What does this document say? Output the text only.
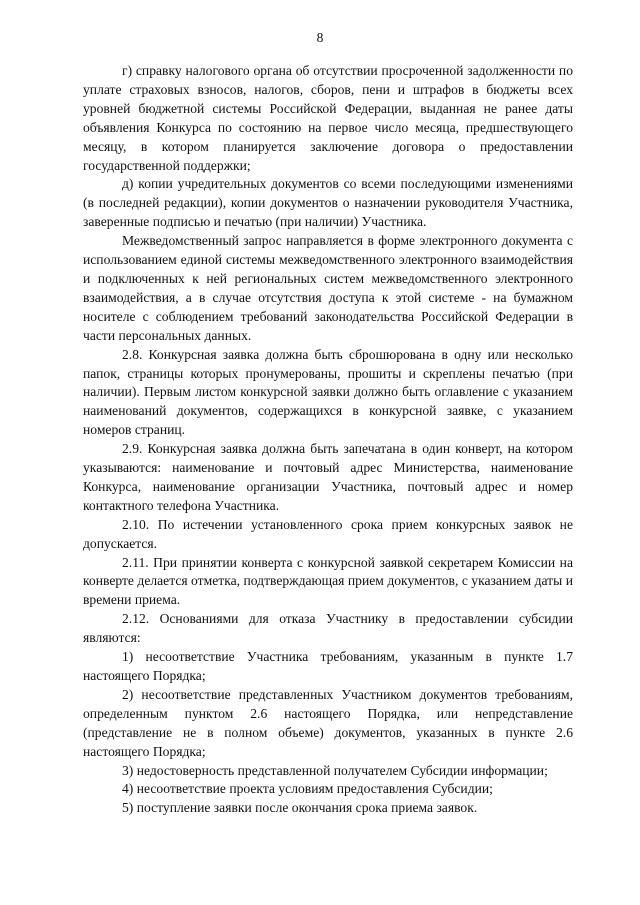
8

г) справку налогового органа об отсутствии просроченной задолженности по уплате страховых взносов, налогов, сборов, пени и штрафов в бюджеты всех уровней бюджетной системы Российской Федерации, выданная не ранее даты объявления Конкурса по состоянию на первое число месяца, предшествующего месяцу, в котором планируется заключение договора о предоставлении государственной поддержки;

д) копии учредительных документов со всеми последующими изменениями (в последней редакции), копии документов о назначении руководителя Участника, заверенные подписью и печатью (при наличии) Участника.

Межведомственный запрос направляется в форме электронного документа с использованием единой системы межведомственного электронного взаимодействия и подключенных к ней региональных систем межведомственного электронного взаимодействия, а в случае отсутствия доступа к этой системе - на бумажном носителе с соблюдением требований законодательства Российской Федерации в части персональных данных.

2.8. Конкурсная заявка должна быть сброшюрована в одну или несколько папок, страницы которых пронумерованы, прошиты и скреплены печатью (при наличии). Первым листом конкурсной заявки должно быть оглавление с указанием наименований документов, содержащихся в конкурсной заявке, с указанием номеров страниц.

2.9. Конкурсная заявка должна быть запечатана в один конверт, на котором указываются: наименование и почтовый адрес Министерства, наименование Конкурса, наименование организации Участника, почтовый адрес и номер контактного телефона Участника.

2.10. По истечении установленного срока прием конкурсных заявок не допускается.

2.11. При принятии конверта с конкурсной заявкой секретарем Комиссии на конверте делается отметка, подтверждающая прием документов, с указанием даты и времени приема.

2.12. Основаниями для отказа Участнику в предоставлении субсидии являются:

1) несоответствие Участника требованиям, указанным в пункте 1.7 настоящего Порядка;

2) несоответствие представленных Участником документов требованиям, определенным пунктом 2.6 настоящего Порядка, или непредставление (представление не в полном объеме) документов, указанных в пункте 2.6 настоящего Порядка;

3) недостоверность представленной получателем Субсидии информации;

4) несоответствие проекта условиям предоставления Субсидии;

5) поступление заявки после окончания срока приема заявок.
